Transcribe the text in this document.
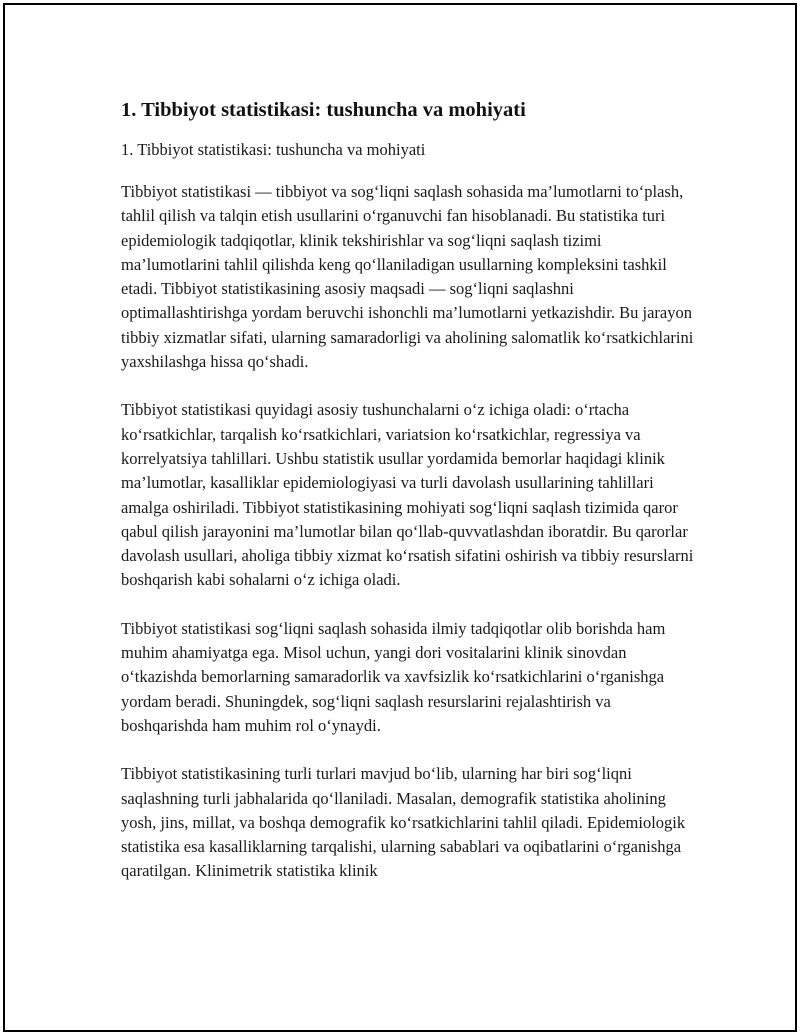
1. Tibbiyot statistikasi: tushuncha va mohiyati
1. Tibbiyot statistikasi: tushuncha va mohiyati

Tibbiyot statistikasi — tibbiyot va sog‘liqni saqlash sohasida ma’lumotlarni to‘plash, tahlil qilish va talqin etish usullarini o‘rganuvchi fan hisoblanadi. Bu statistika turi epidemiologik tadqiqotlar, klinik tekshirishlar va sog‘liqni saqlash tizimi ma’lumotlarini tahlil qilishda keng qo‘llaniladigan usullarning kompleksini tashkil etadi. Tibbiyot statistikasining asosiy maqsadi — sog‘liqni saqlashni optimallashtirishga yordam beruvchi ishonchli ma’lumotlarni yetkazishdir. Bu jarayon tibbiy xizmatlar sifati, ularning samaradorligi va aholining salomatlik ko‘rsatkichlarini yaxshilashga hissa qo‘shadi.

Tibbiyot statistikasi quyidagi asosiy tushunchalarni o‘z ichiga oladi: o‘rtacha ko‘rsatkichlar, tarqalish ko‘rsatkichlari, variatsion ko‘rsatkichlar, regressiya va korrelyatsiya tahlillari. Ushbu statistik usullar yordamida bemorlar haqidagi klinik ma’lumotlar, kasalliklar epidemiologiyasi va turli davolash usullarining tahlillari amalga oshiriladi. Tibbiyot statistikasining mohiyati sog‘liqni saqlash tizimida qaror qabul qilish jarayonini ma’lumotlar bilan qo‘llab-quvvatlashdan iboratdir. Bu qarorlar davolash usullari, aholiga tibbiy xizmat ko‘rsatish sifatini oshirish va tibbiy resurslarni boshqarish kabi sohalarni o‘z ichiga oladi.

Tibbiyot statistikasi sog‘liqni saqlash sohasida ilmiy tadqiqotlar olib borishda ham muhim ahamiyatga ega. Misol uchun, yangi dori vositalarini klinik sinovdan o‘tkazishda bemorlarning samaradorlik va xavfsizlik ko‘rsatkichlarini o‘rganishga yordam beradi. Shuningdek, sog‘liqni saqlash resurslarini rejalashtirish va boshqarishda ham muhim rol o‘ynaydi.

Tibbiyot statistikasining turli turlari mavjud bo‘lib, ularning har biri sog‘liqni saqlashning turli jabhalarida qo‘llaniladi. Masalan, demografik statistika aholining yosh, jins, millat, va boshqa demografik ko‘rsatkichlarini tahlil qiladi. Epidemiologik statistika esa kasalliklarning tarqalishi, ularning sabablari va oqibatlarini o‘rganishga qaratilgan. Klinimetrik statistika klinik
